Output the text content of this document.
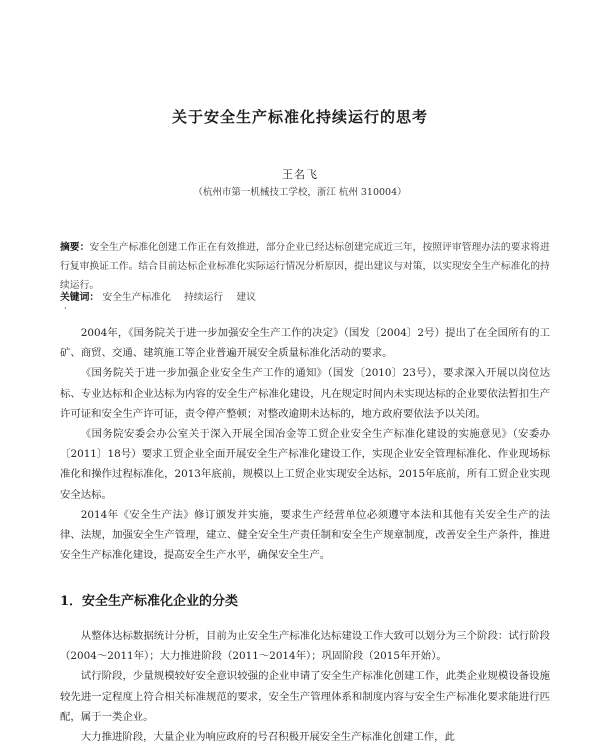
关于安全生产标准化持续运行的思考
王名飞
（杭州市第一机械技工学校，浙江 杭州 310004）
摘要：安全生产标准化创建工作正在有效推进，部分企业已经达标创建完成近三年，按照评审管理办法的要求将进行复审换证工作。结合目前达标企业标准化实际运行情况分析原因，提出建议与对策，以实现安全生产标准化的持续运行。
关键词： 安全生产标准化 持续运行 建议
·

2004年，《国务院关于进一步加强安全生产工作的决定》（国发〔2004〕2号）提出了在全国所有的工矿、商贸、交通、建筑施工等企业普遍开展安全质量标准化活动的要求。

《国务院关于进一步加强企业安全生产工作的通知》（国发〔2010〕23号），要求深入开展以岗位达标、专业达标和企业达标为内容的安全生产标准化建设，凡在规定时间内未实现达标的企业要依法暂扣生产许可证和安全生产许可证，责令停产整顿；对整改逾期未达标的，地方政府要依法予以关闭。

《国务院安委会办公室关于深入开展全国冶金等工贸企业安全生产标准化建设的实施意见》（安委办〔2011〕18号）要求工贸企业全面开展安全生产标准化建设工作，实现企业安全管理标准化、作业现场标准化和操作过程标准化，2013年底前，规模以上工贸企业实现安全达标，2015年底前，所有工贸企业实现安全达标。

2014年《安全生产法》修订颁发并实施，要求生产经营单位必须遵守本法和其他有关安全生产的法律、法规，加强安全生产管理，建立、健全安全生产责任制和安全生产规章制度，改善安全生产条件，推进安全生产标准化建设，提高安全生产水平，确保安全生产。

1．安全生产标准化企业的分类

从整体达标数据统计分析，目前为止安全生产标准化达标建设工作大致可以划分为三个阶段：试行阶段（2004～2011年）；大力推进阶段（2011～2014年）；巩固阶段（2015年开始）。

试行阶段，少量规模较好安全意识较强的企业申请了安全生产标准化创建工作，此类企业规模设备设施较先进一定程度上符合相关标准规范的要求，安全生产管理体系和制度内容与安全生产标准化要求能进行匹配，属于一类企业。

大力推进阶段，大量企业为响应政府的号召积极开展安全生产标准化创建工作，此
